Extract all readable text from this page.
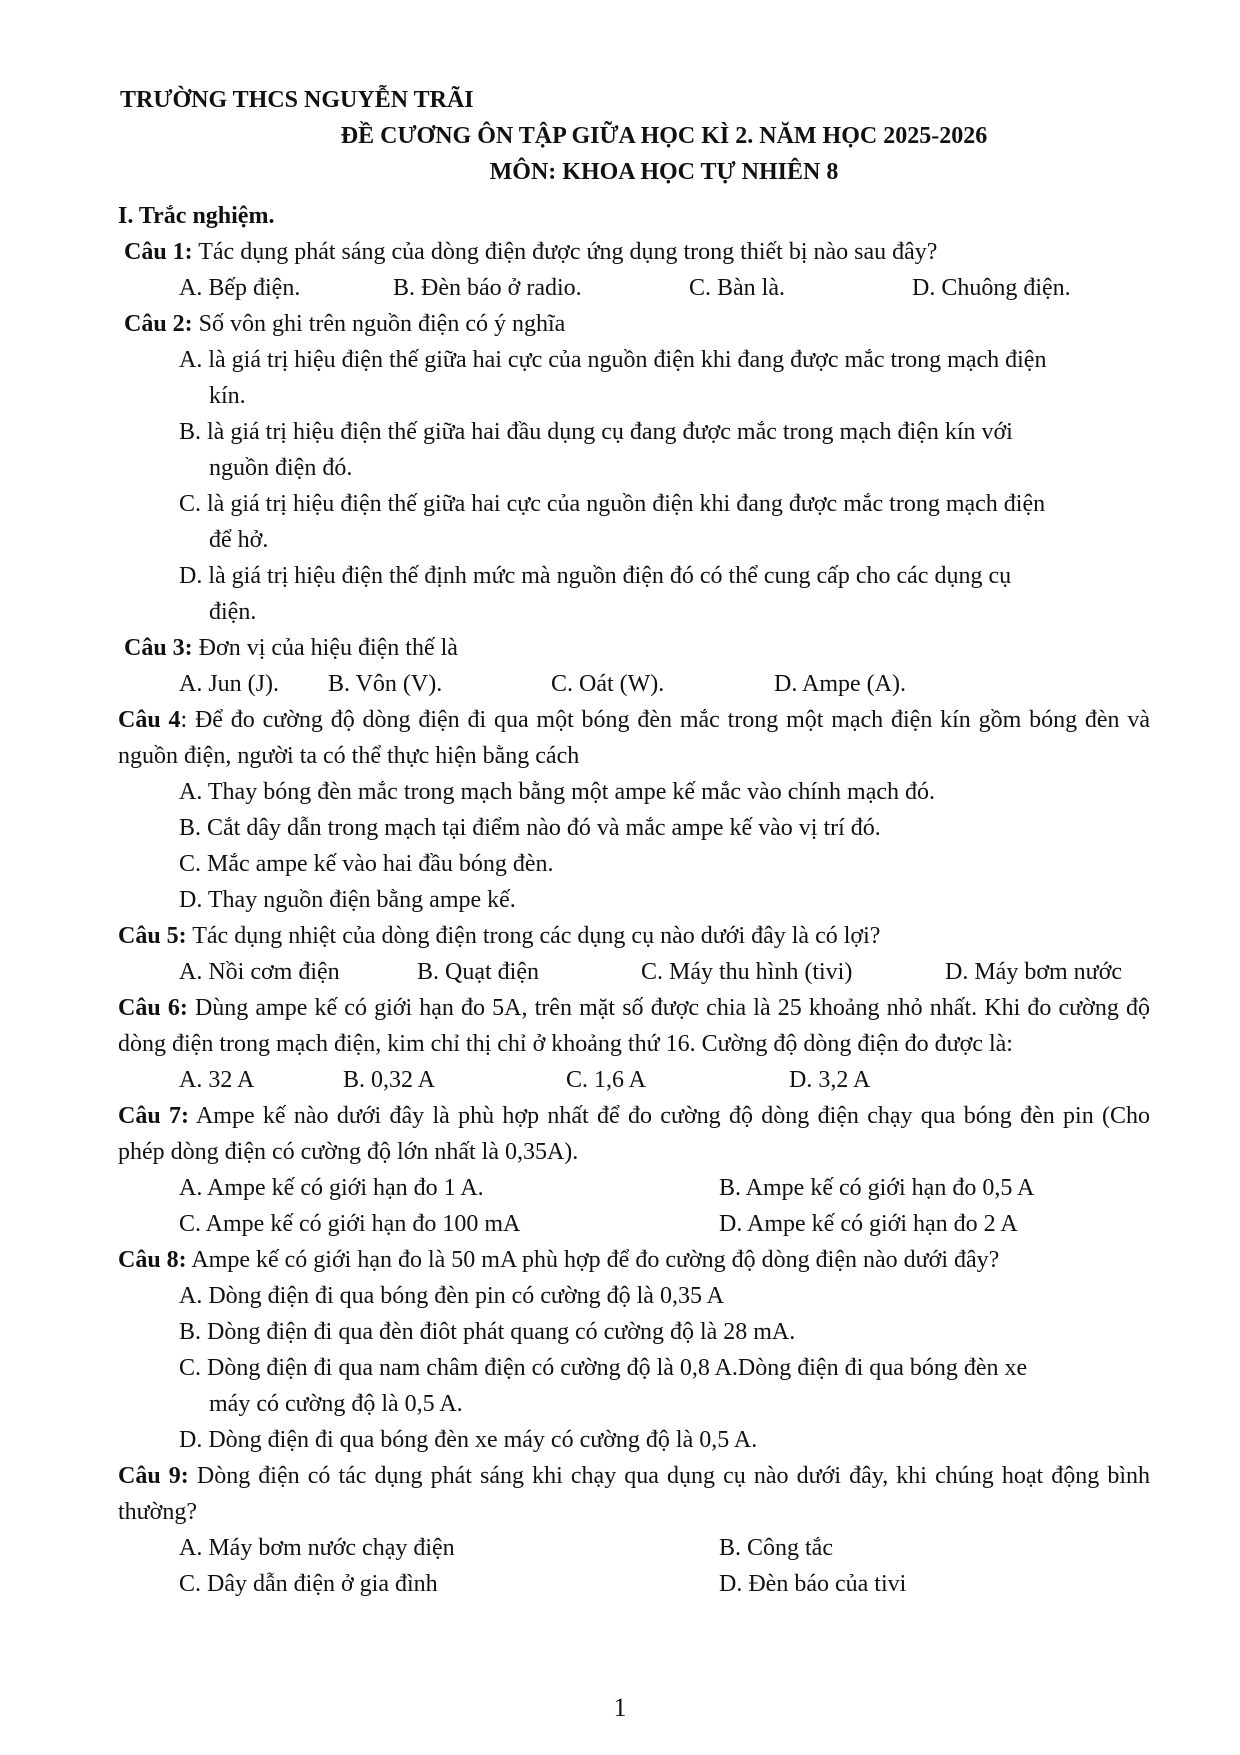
TRƯỜNG THCS NGUYỄN TRÃI
ĐỀ CƯƠNG ÔN TẬP GIỮA HỌC KÌ 2. NĂM HỌC 2025-2026
MÔN: KHOA HỌC TỰ NHIÊN 8
I. Trắc nghiệm.
Câu 1: Tác dụng phát sáng của dòng điện được ứng dụng trong thiết bị nào sau đây?
A. Bếp điện.	B. Đèn báo ở radio.	C. Bàn là.	D. Chuông điện.
Câu 2: Số vôn ghi trên nguồn điện có ý nghĩa
A. là giá trị hiệu điện thế giữa hai cực của nguồn điện khi đang được mắc trong mạch điện
kín.
B. là giá trị hiệu điện thế giữa hai đầu dụng cụ đang được mắc trong mạch điện kín với
nguồn điện đó.
C. là giá trị hiệu điện thế giữa hai cực của nguồn điện khi đang được mắc trong mạch điện
để hở.
D. là giá trị hiệu điện thế định mức mà nguồn điện đó có thể cung cấp cho các dụng cụ
điện.
Câu 3: Đơn vị của hiệu điện thế là
A. Jun (J).	B. Vôn (V).	C. Oát (W).	D. Ampe (A).
Câu 4: Để đo cường độ dòng điện đi qua một bóng đèn mắc trong một mạch điện kín gồm bóng đèn và nguồn điện, người ta có thể thực hiện bằng cách
A. Thay bóng đèn mắc trong mạch bằng một ampe kế mắc vào chính mạch đó.
B. Cắt dây dẫn trong mạch tại điểm nào đó và mắc ampe kế vào vị trí đó.
C. Mắc ampe kế vào hai đầu bóng đèn.
D. Thay nguồn điện bằng ampe kế.
Câu 5: Tác dụng nhiệt của dòng điện trong các dụng cụ nào dưới đây là có lợi?
A. Nồi cơm điện	B. Quạt điện	C. Máy thu hình (tivi)	D. Máy bơm nước
Câu 6: Dùng ampe kế có giới hạn đo 5A, trên mặt số được chia là 25 khoảng nhỏ nhất. Khi đo cường độ dòng điện trong mạch điện, kim chỉ thị chỉ ở khoảng thứ 16. Cường độ dòng điện đo được là:
A. 32 A	B. 0,32 A	C. 1,6 A	D. 3,2 A
Câu 7: Ampe kế nào dưới đây là phù hợp nhất để đo cường độ dòng điện chạy qua bóng đèn pin (Cho phép dòng điện có cường độ lớn nhất là 0,35A).
A. Ampe kế có giới hạn đo 1 A.	B. Ampe kế có giới hạn đo 0,5 A
C. Ampe kế có giới hạn đo 100 mA	D. Ampe kế có giới hạn đo 2 A
Câu 8: Ampe kế có giới hạn đo là 50 mA phù hợp để đo cường độ dòng điện nào dưới đây?
A. Dòng điện đi qua bóng đèn pin có cường độ là 0,35 A
B. Dòng điện đi qua đèn điôt phát quang có cường độ là 28 mA.
C. Dòng điện đi qua nam châm điện có cường độ là 0,8 A.Dòng điện đi qua bóng đèn xe
máy có cường độ là 0,5 A.
D. Dòng điện đi qua bóng đèn xe máy có cường độ là 0,5 A.
Câu 9: Dòng điện có tác dụng phát sáng khi chạy qua dụng cụ nào dưới đây, khi chúng hoạt động bình thường?
A. Máy bơm nước chạy điện	B. Công tắc
C. Dây dẫn điện ở gia đình	D. Đèn báo của tivi
1
